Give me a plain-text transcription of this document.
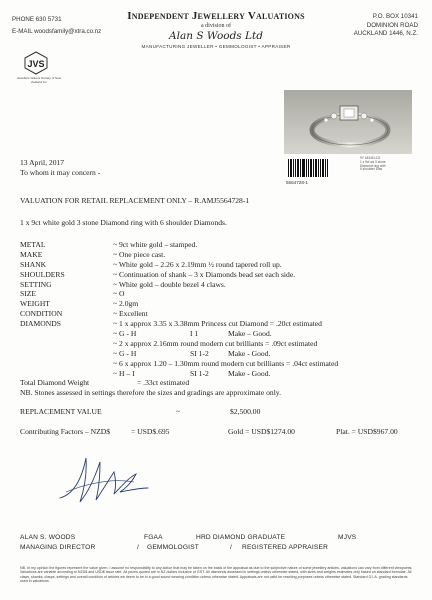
PHONE 630 5731
E-MAIL woodsfamily@xtra.co.nz
Independent Jewellery Valuations
a division of
Alan S Woods Ltd
MANUFACTURING JEWELLER • GEMMOLOGIST • APPRAISER
P.O. BOX 10341
DOMINION ROAD
AUCKLAND 1446, N.Z.
JVS
Jewellers Valuers Society of New Zealand Inc
5564728-1
9Y 18345 LD2
1 x 9ct ws 3 stone
Diamond ring with
6 shoulder Dias
13 April, 2017
To whom it may concern -
VALUATION FOR RETAIL REPLACEMENT ONLY – R.AMJ5564728-1
1 x 9ct white gold 3 stone Diamond ring with 6 shoulder Diamonds.
METAL	~ 9ct white gold – stamped.
MAKE	~ One piece cast.
SHANK	~ White gold – 2.26 x 2.19mm ½ round tapered roll up.
SHOULDERS	~ Continuation of shank – 3 x Diamonds bead set each side.
SETTING	~ White gold – double bezel 4 claws.
SIZE	~ O
WEIGHT	~ 2.0gm
CONDITION	~ Excellent
DIAMONDS	~ 1 x approx 3.35 x 3.38mm Princess cut Diamond = .20ct estimated
~ G - H	I 1	Make – Good.
~ 2 x approx 2.16mm round modern cut brilliants = .09ct estimated
~ G - H	SI 1-2	Make - Good.
~ 6 x approx 1.20 – 1.30mm round modern cut brilliants = .04ct estimated
~ H – I	SI 1-2	Make - Good.
Total Diamond Weight	= .33ct estimated
NB. Stones assessed in settings therefore the sizes and gradings are approximate only.
REPLACEMENT VALUE	~	$2,500.00
Contributing Factors – NZD$	= USD$.695	Gold = USD$1274.00	Plat. = USD$967.00
ALAN S. WOODS	FGAA	HRD DIAMOND GRADUATE	MJVS
MANAGING DIRECTOR	/ GEMMOLOGIST	/ REGISTERED APPRAISER
NB. In my opinion the figures represent the value given. I assume no responsibility to any action that may be taken on the basis of the appraisal as due to the subjective nature of some jewellery articles, valuations can vary from different viewpoints. Valuations are variable according to NZD$ and USD$ issue rate. All prices quoted are in NZ dollars inclusive of GST. All diamonds assessed in settings unless otherwise stated, with sizes and weights estimates only based on standard formulae. All claws, shanks, clasps, settings and overall condition of articles we deem to be in a good sound wearing condition unless otherwise stated. Appraisals are not valid for reselling purposes unless otherwise stated. Standard G.I.A. grading standards used in valuations.
